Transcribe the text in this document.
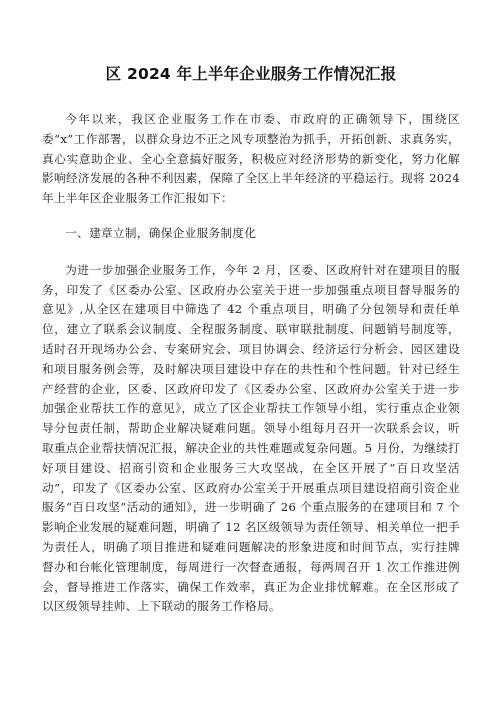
区 2024 年上半年企业服务工作情况汇报

今年以来，我区企业服务工作在市委、市政府的正确领导下，围绕区委“x”工作部署，以群众身边不正之风专项整治为抓手，开拓创新、求真务实，真心实意助企业、全心全意搞好服务，积极应对经济形势的新变化，努力化解影响经济发展的各种不利因素，保障了全区上半年经济的平稳运行。现将 2024 年上半年区企业服务工作汇报如下：

一、建章立制，确保企业服务制度化

为进一步加强企业服务工作，今年 2 月，区委、区政府针对在建项目的服务，印发了《区委办公室、区政府办公室关于进一步加强重点项目督导服务的意见》,从全区在建项目中筛选了 42 个重点项目，明确了分包领导和责任单位，建立了联系会议制度、全程服务制度、联审联批制度、问题销号制度等，适时召开现场办公会、专案研究会、项目协调会、经济运行分析会、园区建设和项目服务例会等，及时解决项目建设中存在的共性和个性问题。针对已经生产经营的企业，区委、区政府印发了《区委办公室、区政府办公室关于进一步加强企业帮扶工作的意见》，成立了区企业帮扶工作领导小组，实行重点企业领导分包责任制，帮助企业解决疑难问题。领导小组每月召开一次联系会议，听取重点企业帮扶情况汇报，解决企业的共性难题或复杂问题。5 月份，为继续打好项目建设、招商引资和企业服务三大攻坚战，在全区开展了“百日攻坚活动”，印发了《区委办公室、区政府办公室关于开展重点项目建设招商引资企业服务“百日攻坚”活动的通知》，进一步明确了 26 个重点服务的在建项目和 7 个影响企业发展的疑难问题，明确了 12 名区级领导为责任领导、相关单位一把手为责任人，明确了项目推进和疑难问题解决的形象进度和时间节点，实行挂牌督办和台帐化管理制度，每周进行一次督查通报，每两周召开 1 次工作推进例会，督导推进工作落实，确保工作效率，真正为企业排忧解难。在全区形成了以区级领导挂帅、上下联动的服务工作格局。
